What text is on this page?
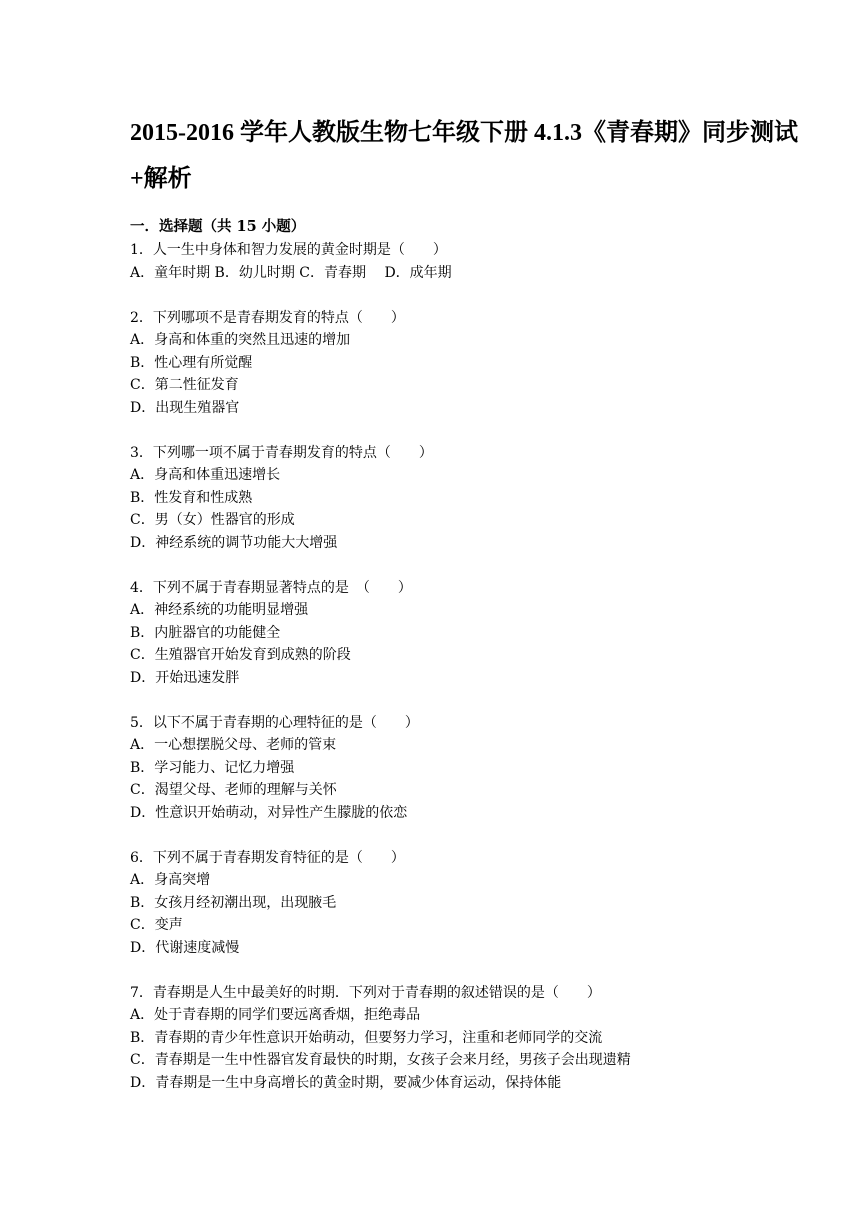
2015-2016 学年人教版生物七年级下册 4.1.3《青春期》同步测试
+解析
一．选择题（共 15 小题）
1．人一生中身体和智力发展的黄金时期是（　　）
A．童年时期 B．幼儿时期 C．青春期　 D．成年期
2．下列哪项不是青春期发育的特点（　　）
A．身高和体重的突然且迅速的增加
B．性心理有所觉醒
C．第二性征发育
D．出现生殖器官
3．下列哪一项不属于青春期发育的特点（　　）
A．身高和体重迅速增长
B．性发育和性成熟
C．男（女）性器官的形成
D．神经系统的调节功能大大增强
4．下列不属于青春期显著特点的是　（　　）
A．神经系统的功能明显增强
B．内脏器官的功能健全
C．生殖器官开始发育到成熟的阶段
D．开始迅速发胖
5．以下不属于青春期的心理特征的是（　　）
A．一心想摆脱父母、老师的管束
B．学习能力、记忆力增强
C．渴望父母、老师的理解与关怀
D．性意识开始萌动，对异性产生朦胧的依恋
6．下列不属于青春期发育特征的是（　　）
A．身高突增
B．女孩月经初潮出现，出现腋毛
C．变声
D．代谢速度减慢
7．青春期是人生中最美好的时期．下列对于青春期的叙述错误的是（　　）
A．处于青春期的同学们要远离香烟，拒绝毒品
B．青春期的青少年性意识开始萌动，但要努力学习，注重和老师同学的交流
C．青春期是一生中性器官发育最快的时期，女孩子会来月经，男孩子会出现遗精
D．青春期是一生中身高增长的黄金时期，要减少体育运动，保持体能
